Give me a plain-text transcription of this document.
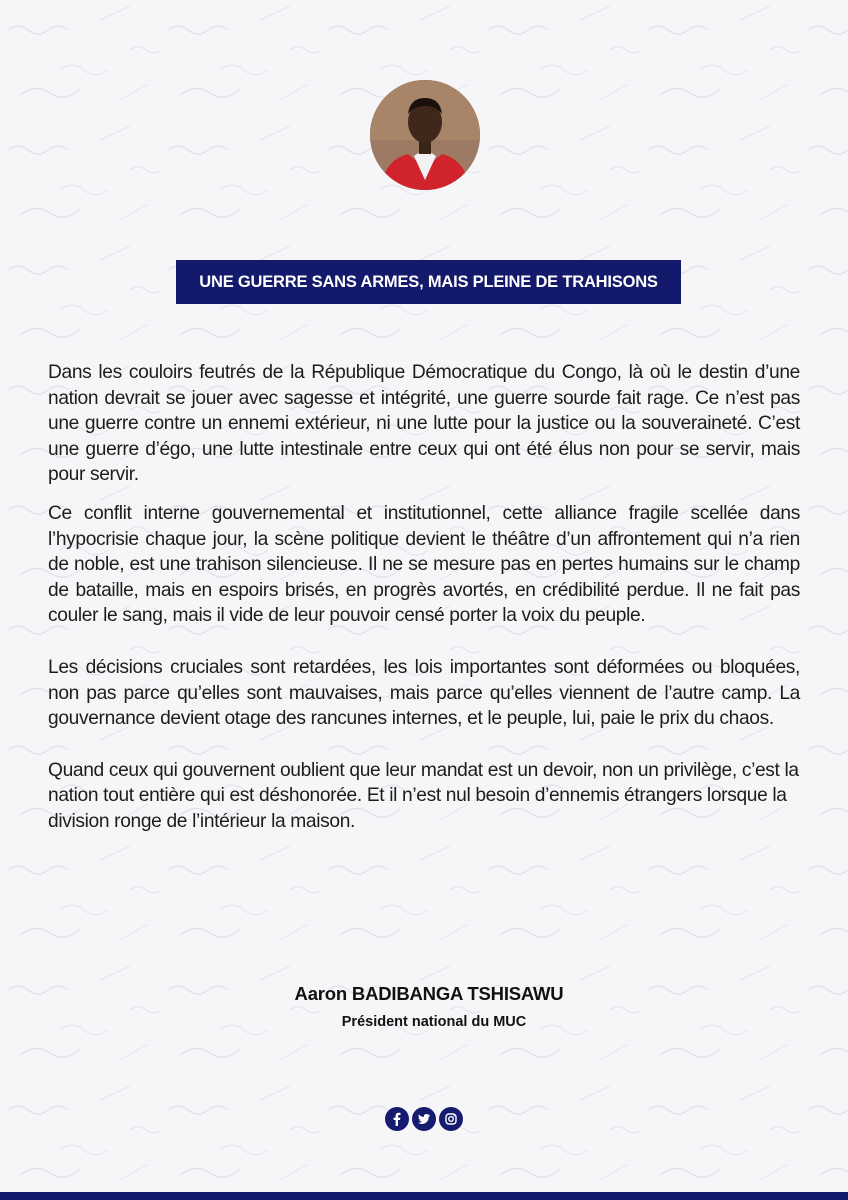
UNE GUERRE SANS ARMES, MAIS PLEINE DE TRAHISONS

Dans les couloirs feutrés de la République Démocratique du Congo, là où le destin d’une nation devrait se jouer avec sagesse et intégrité, une guerre sourde fait rage. Ce n’est pas une guerre contre un ennemi extérieur, ni une lutte pour la justice ou la souveraineté. C’est une guerre d’égo, une lutte intestinale entre ceux qui ont été élus non pour se servir, mais pour servir.

Ce conflit interne gouvernemental et institutionnel, cette alliance fragile scellée dans l’hypocrisie chaque jour, la scène politique devient le théâtre d’un affrontement qui n’a rien de noble, est une trahison silencieuse. Il ne se mesure pas en pertes humains sur le champ de bataille, mais en espoirs brisés, en progrès avortés, en crédibilité perdue. Il ne fait pas couler le sang, mais il vide de leur pouvoir censé porter la voix du peuple.

Les décisions cruciales sont retardées, les lois importantes sont déformées ou bloquées, non pas parce qu’elles sont mauvaises, mais parce qu’elles viennent de l’autre camp. La gouvernance devient otage des rancunes internes, et le peuple, lui, paie le prix du chaos.

Quand ceux qui gouvernent oublient que leur mandat est un devoir, non un privilège, c’est la nation tout entière qui est déshonorée. Et il n’est nul besoin d’ennemis étrangers lorsque la division ronge de l’intérieur la maison.

Aaron BADIBANGA TSHISAWU
Président national du MUC
